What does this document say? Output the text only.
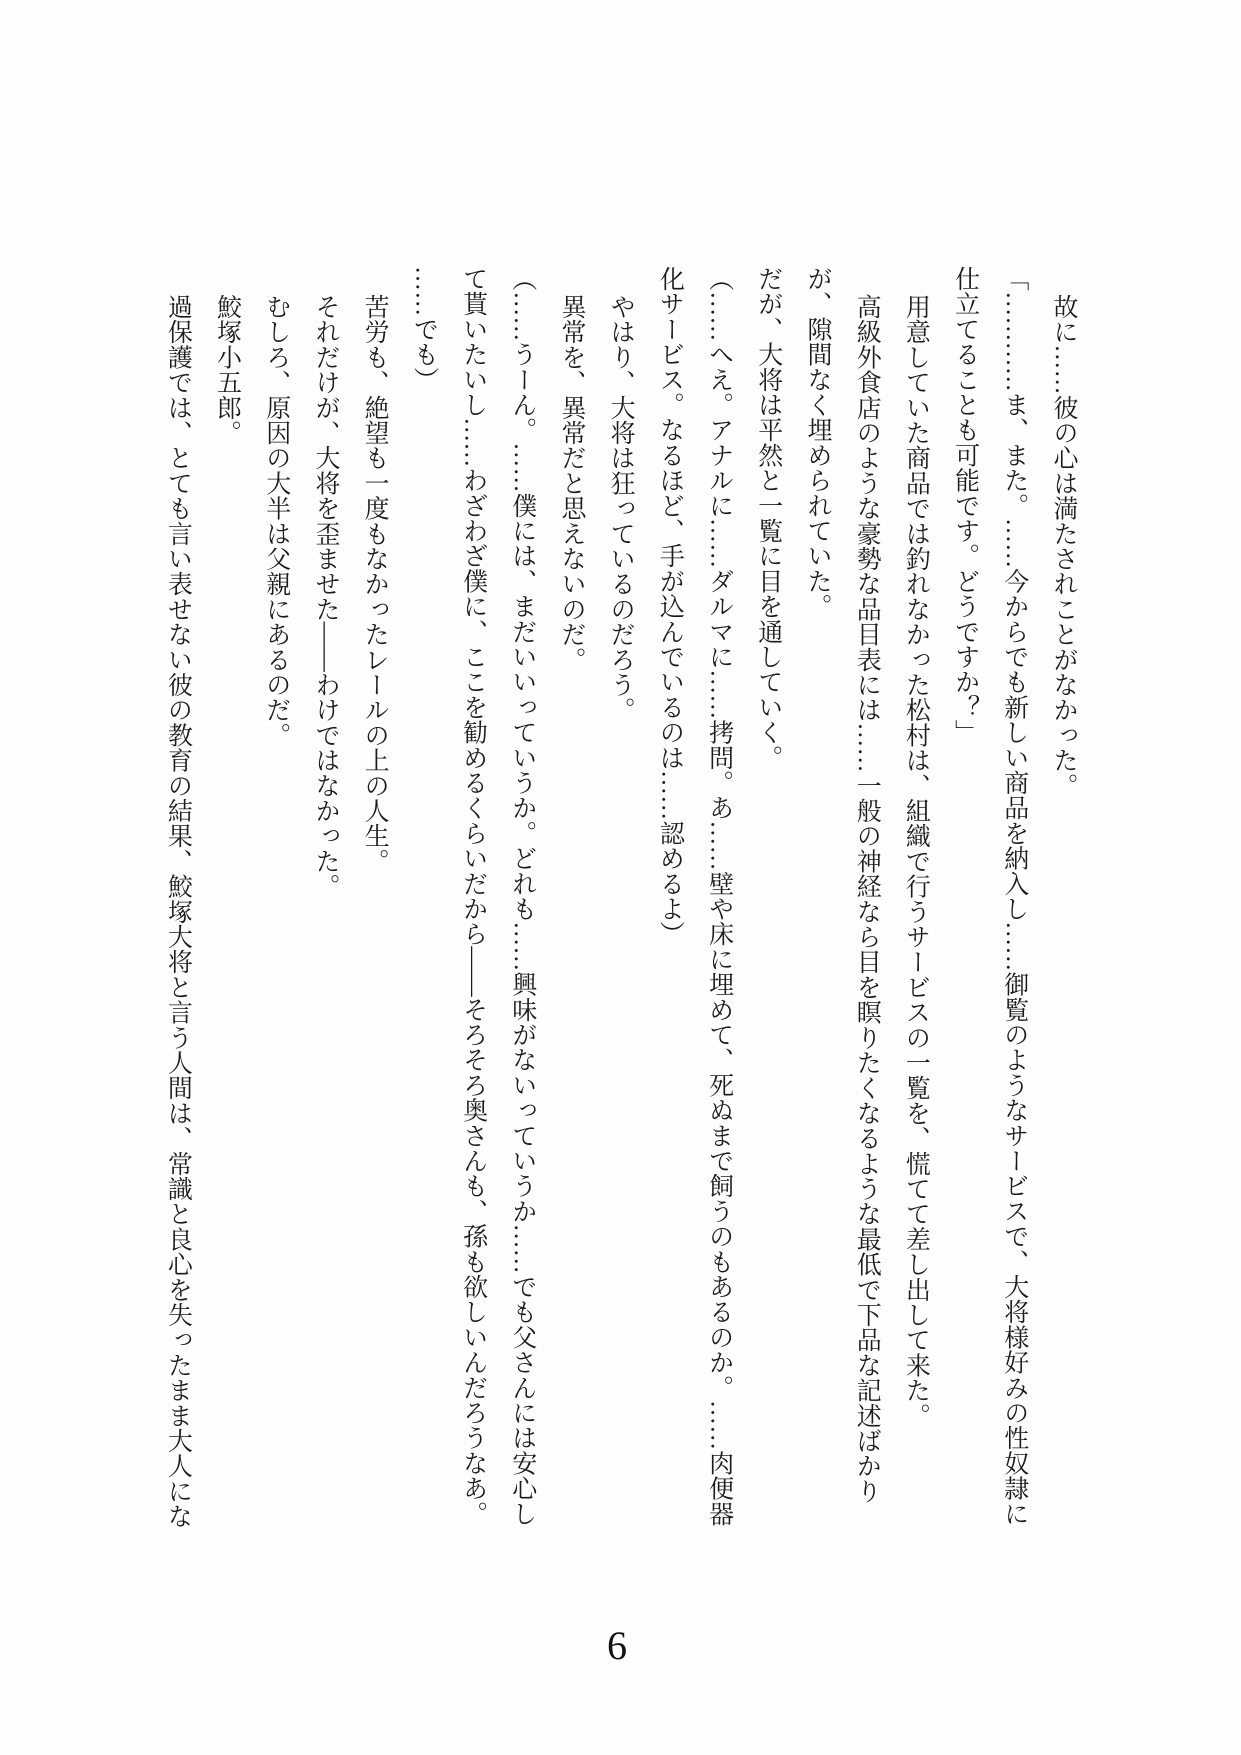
故に……彼の心は満たされことがなかった。
「…………ま、また。……今からでも新しい商品を納入し……御覧のようなサービスで、大将様好みの性奴隷に
仕立てることも可能です。どうですか？」
用意していた商品では釣れなかった松村は、組織で行うサービスの一覧を、慌てて差し出して来た。
高級外食店のような豪勢な品目表には……一般の神経なら目を瞑りたくなるような最低で下品な記述ばかり
が、隙間なく埋められていた。
だが、大将は平然と一覧に目を通していく。
（……へえ。アナルに……ダルマに……拷問。あ……壁や床に埋めて、死ぬまで飼うのもあるのか。……肉便器
化サービス。なるほど、手が込んでいるのは……認めるよ）
やはり、大将は狂っているのだろう。
異常を、異常だと思えないのだ。
（……うーん。……僕には、まだいいっていうか。どれも……興味がないっていうか……でも父さんには安心し
て貰いたいし……わざわざ僕に、ここを勧めるくらいだから――そろそろ奥さんも、孫も欲しいんだろうなあ。
……でも）
苦労も、絶望も一度もなかったレールの上の人生。
それだけが、大将を歪ませた――わけではなかった。
むしろ、原因の大半は父親にあるのだ。
鮫塚小五郎。
過保護では、とても言い表せない彼の教育の結果、鮫塚大将と言う人間は、常識と良心を失ったまま大人にな
6
